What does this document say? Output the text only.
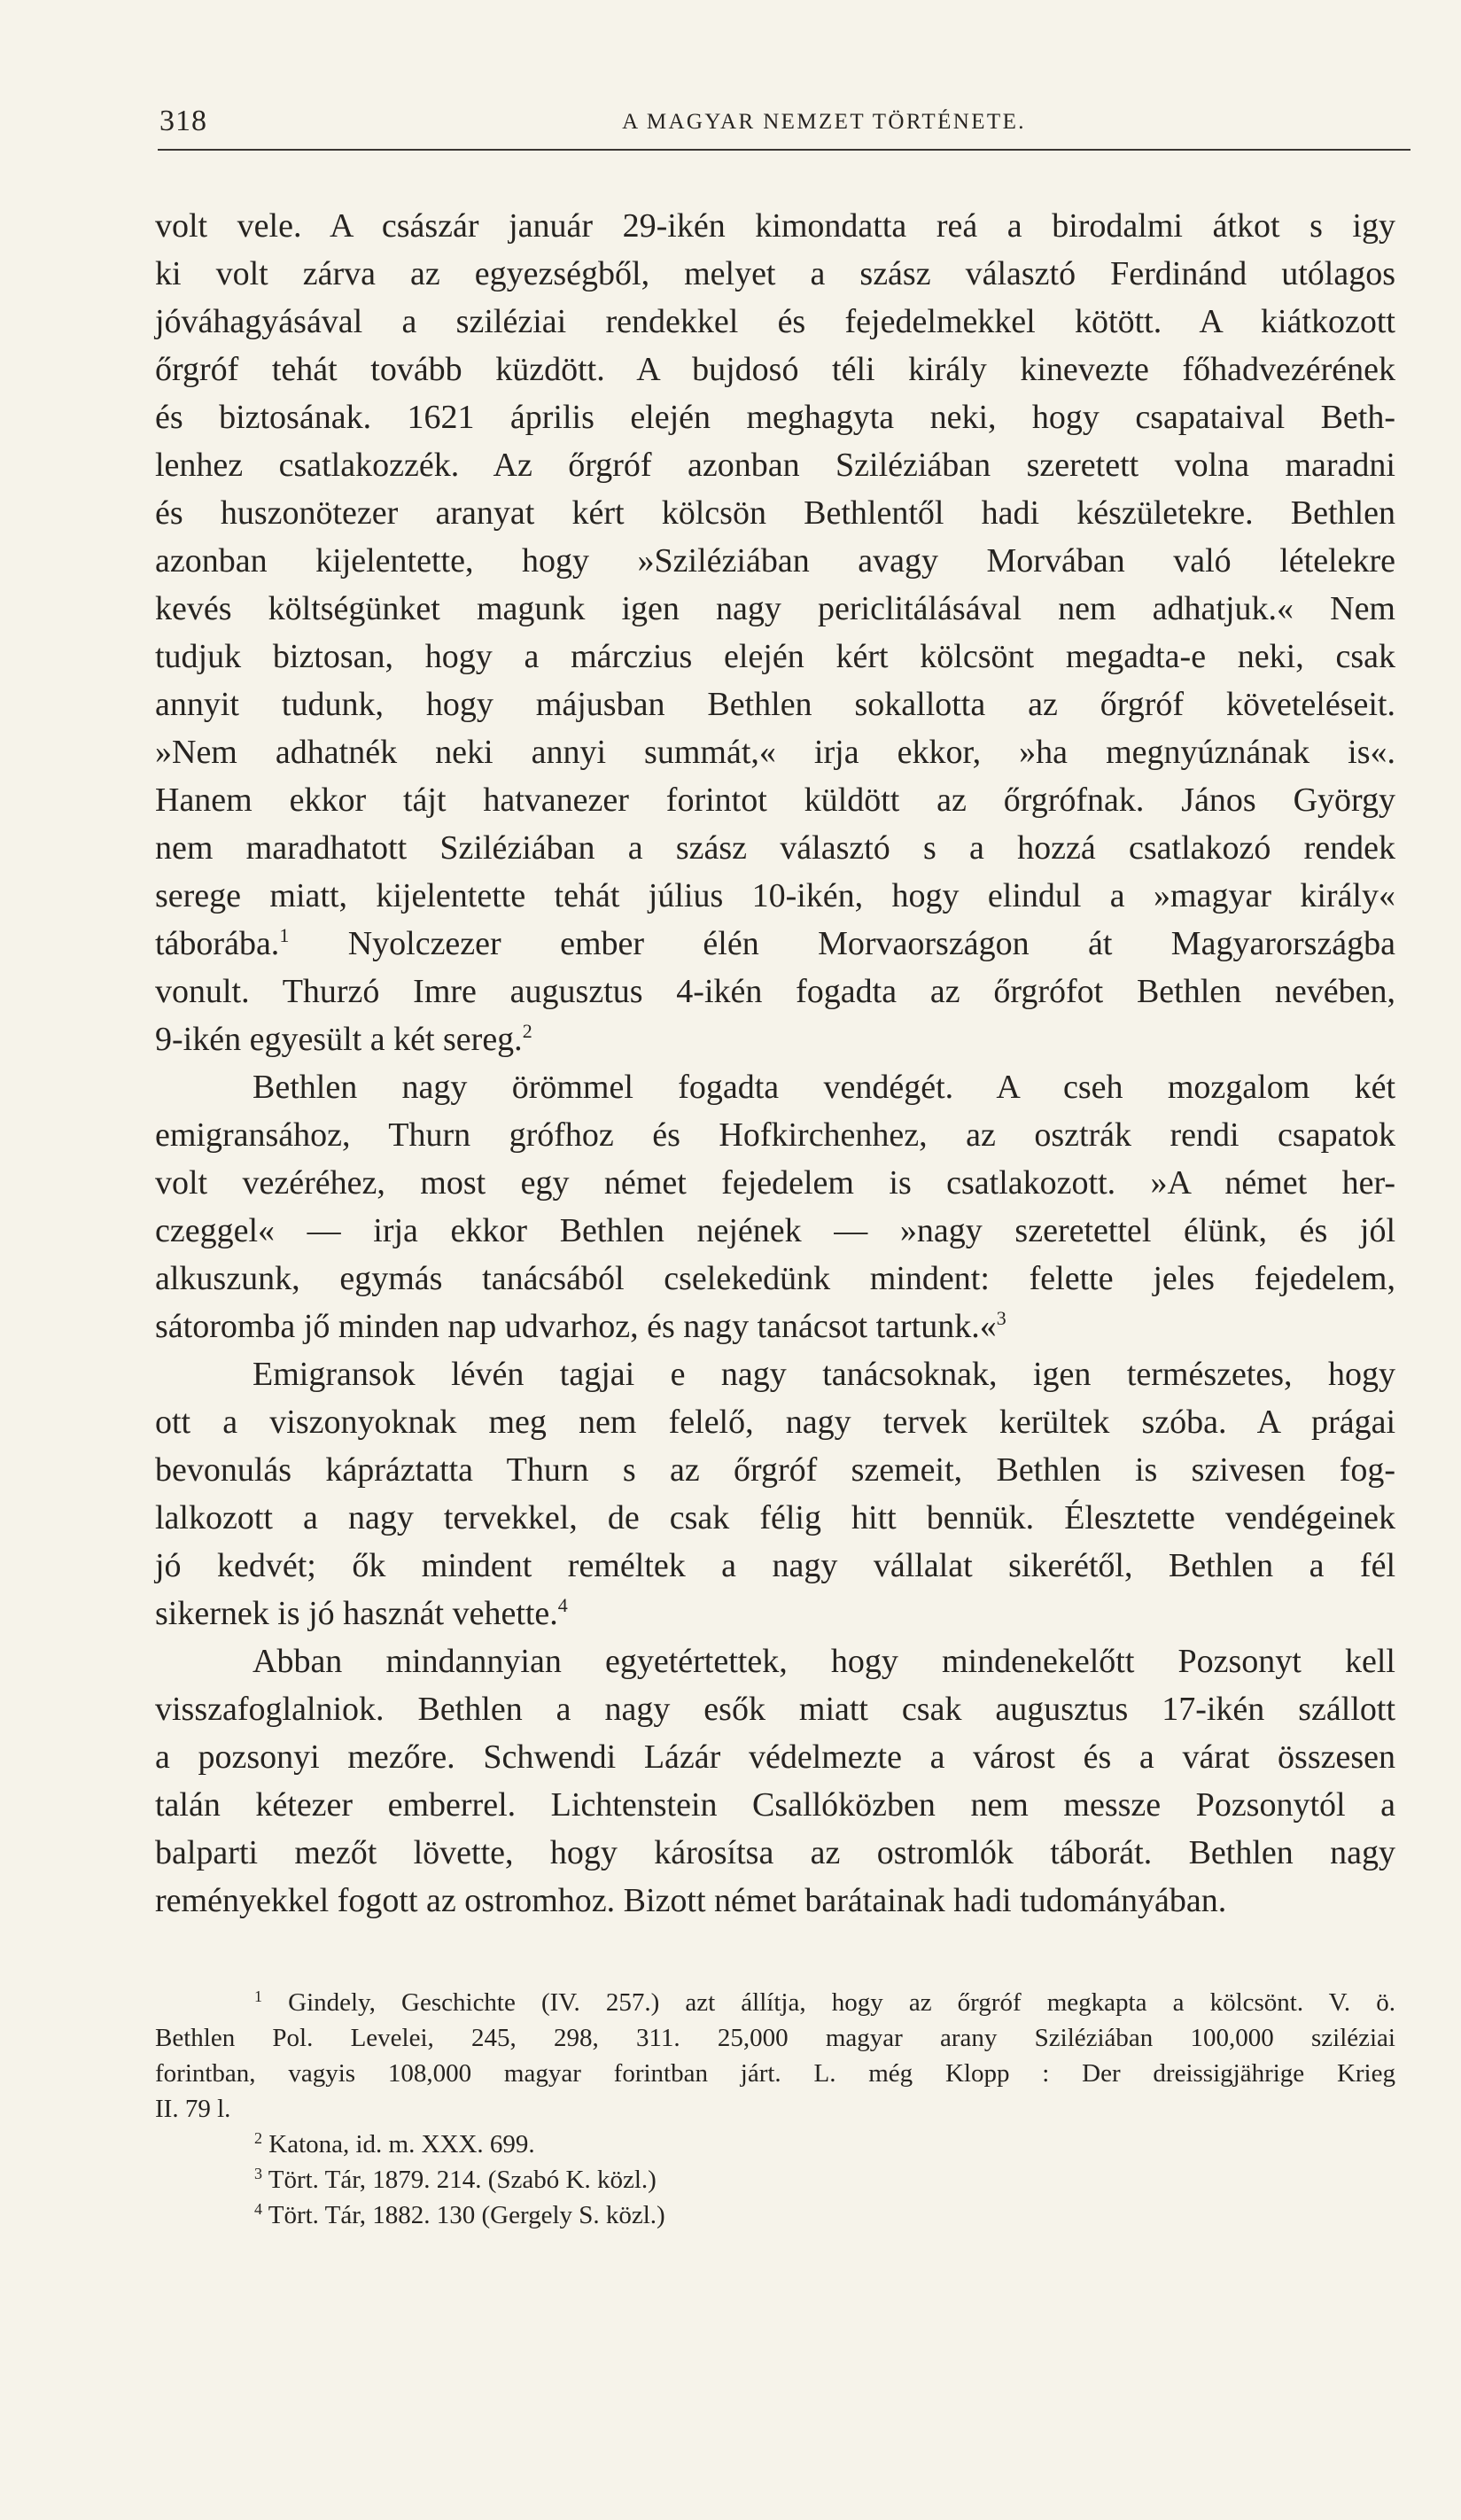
318	A MAGYAR NEMZET TÖRTÉNETE.
volt vele. A császár január 29-ikén kimondatta reá a birodalmi átkot s igy
ki volt zárva az egyezségből, melyet a szász választó Ferdinánd utólagos
jóváhagyásával a sziléziai rendekkel és fejedelmekkel kötött. A kiátkozott
őrgróf tehát tovább küzdött. A bujdosó téli király kinevezte főhadvezérének
és biztosának. 1621 április elején meghagyta neki, hogy csapataival Beth-
lenhez csatlakozzék. Az őrgróf azonban Sziléziában szeretett volna maradni
és huszonötezer aranyat kért kölcsön Bethlentől hadi készületekre. Bethlen
azonban kijelentette, hogy »Sziléziában avagy Morvában való lételekre
kevés költségünket magunk igen nagy periclitálásával nem adhatjuk.« Nem
tudjuk biztosan, hogy a márczius elején kért kölcsönt megadta-e neki, csak
annyit tudunk, hogy májusban Bethlen sokallotta az őrgróf követeléseit.
»Nem adhatnék neki annyi summát,« irja ekkor, »ha megnyúznának is«.
Hanem ekkor tájt hatvanezer forintot küldött az őrgrófnak. János György
nem maradhatott Sziléziában a szász választó s a hozzá csatlakozó rendek
serege miatt, kijelentette tehát július 10-ikén, hogy elindul a »magyar király«
táborába.$^1$ Nyolczezer ember élén Morvaországon át Magyarországba
vonult. Thurzó Imre augusztus 4-ikén fogadta az őrgrófot Bethlen nevében,
9-ikén egyesült a két sereg.$^2$
Bethlen nagy örömmel fogadta vendégét. A cseh mozgalom két
emigransához, Thurn grófhoz és Hofkirchenhez, az osztrák rendi csapatok
volt vezéréhez, most egy német fejedelem is csatlakozott. »A német her-
czeggel« — irja ekkor Bethlen nejének — »nagy szeretettel élünk, és jól
alkuszunk, egymás tanácsából cselekedünk mindent: felette jeles fejedelem,
sátoromba jő minden nap udvarhoz, és nagy tanácsot tartunk.«$^3$
Emigransok lévén tagjai e nagy tanácsoknak, igen természetes, hogy
ott a viszonyoknak meg nem felelő, nagy tervek kerültek szóba. A prágai
bevonulás kápráztatta Thurn s az őrgróf szemeit, Bethlen is szivesen fog-
lalkozott a nagy tervekkel, de csak félig hitt bennük. Élesztette vendégeinek
jó kedvét; ők mindent reméltek a nagy vállalat sikerétől, Bethlen a fél
sikernek is jó hasznát vehette.$^4$
Abban mindannyian egyetértettek, hogy mindenekelőtt Pozsonyt kell
visszafoglalniok. Bethlen a nagy esők miatt csak augusztus 17-ikén szállott
a pozsonyi mezőre. Schwendi Lázár védelmezte a várost és a várat összesen
talán kétezer emberrel. Lichtenstein Csallóközben nem messze Pozsonytól a
balparti mezőt lövette, hogy károsítsa az ostromlók táborát. Bethlen nagy
reményekkel fogott az ostromhoz. Bizott német barátainak hadi tudományában.
$^1$ Gindely, Geschichte (IV. 257.) azt állítja, hogy az őrgróf megkapta a kölcsönt. V. ö.
Bethlen Pol. Levelei, 245, 298, 311. 25,000 magyar arany Sziléziában 100,000 sziléziai
forintban, vagyis 108,000 magyar forintban járt. L. még Klopp : Der dreissigjährige Krieg
II. 79 l.
$^2$ Katona, id. m. XXX. 699.
$^3$ Tört. Tár, 1879. 214. (Szabó K. közl.)
$^4$ Tört. Tár, 1882. 130 (Gergely S. közl.)
